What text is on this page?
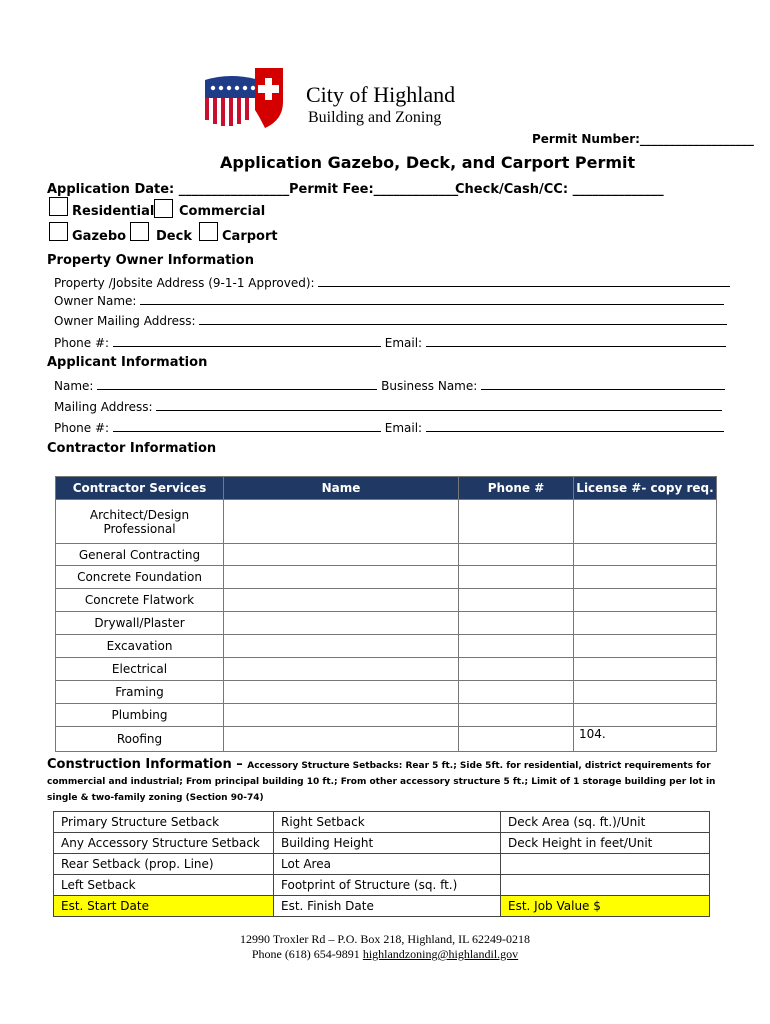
City of Highland
Building and Zoning
Permit Number:___________________
Application Gazebo, Deck, and Carport Permit
Application Date: _________________ Permit Fee:_____________
Check/Cash/CC: ______________
Residential Commercial
Gazebo Deck Carport
Property Owner Information
Property /Jobsite Address (9-1-1 Approved):
Owner Name:
Owner Mailing Address:
Phone #:	Email:
Applicant Information
Name:	Business Name:
Mailing Address:
Phone #:	Email:
Contractor Information
Contractor Services	Name	Phone #	License #- copy req.
Architect/Design Professional			
General Contracting			
Concrete Foundation			
Concrete Flatwork			
Drywall/Plaster			
Excavation			
Electrical			
Framing			
Plumbing			
Roofing			104.
Construction Information – Accessory Structure Setbacks: Rear 5 ft.; Side 5ft. for residential, district requirements for commercial and industrial; From principal building 10 ft.; From other accessory structure 5 ft.; Limit of 1 storage building per lot in single & two-family zoning (Section 90-74)
Primary Structure Setback	Right Setback	Deck Area (sq. ft.)/Unit
Any Accessory Structure Setback	Building Height	Deck Height in feet/Unit
Rear Setback (prop. Line)	Lot Area	
Left Setback	Footprint of Structure (sq. ft.)	
Est. Start Date	Est. Finish Date	Est. Job Value $
12990 Troxler Rd – P.O. Box 218, Highland, IL 62249-0218
Phone (618) 654-9891 highlandzoning@highlandil.gov
